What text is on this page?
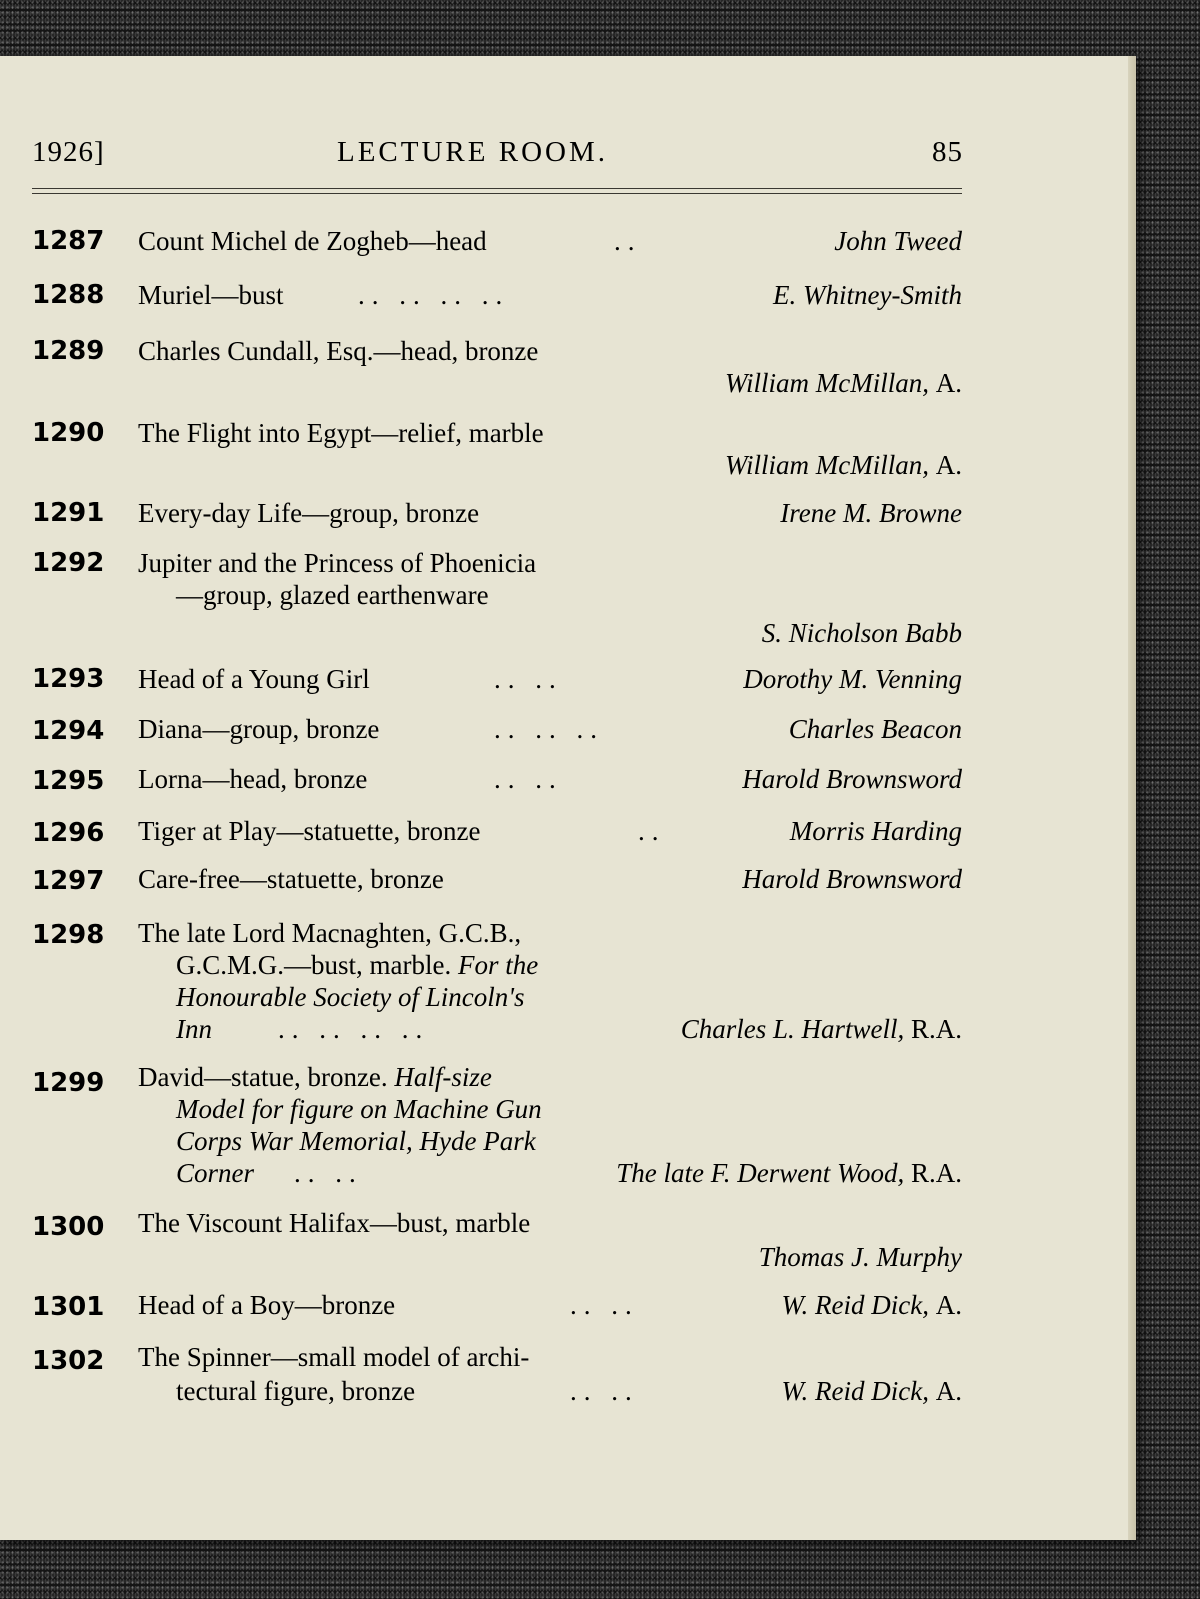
1926]	LECTURE ROOM.	85
1287 Count Michel de Zogheb—head	..	John Tweed
1288 Muriel—bust	.. .. .. ..	E. Whitney-Smith
1289 Charles Cundall, Esq.—head, bronze
William McMillan, A.
1290 The Flight into Egypt—relief, marble
William McMillan, A.
1291 Every-day Life—group, bronze	Irene M. Browne
1292 Jupiter and the Princess of Phoenicia
—group, glazed earthenware
S. Nicholson Babb
1293 Head of a Young Girl	.. ..	Dorothy M. Venning
1294 Diana—group, bronze	.. .. ..	Charles Beacon
1295 Lorna—head, bronze	.. ..	Harold Brownsword
1296 Tiger at Play—statuette, bronze	..	Morris Harding
1297 Care-free—statuette, bronze	Harold Brownsword
1298 The late Lord Macnaghten, G.C.B.,
G.C.M.G.—bust, marble. For the
Honourable Society of Lincoln's
Inn .. .. .. ..	Charles L. Hartwell, R.A.
1299 David—statue, bronze. Half-size
Model for figure on Machine Gun
Corps War Memorial, Hyde Park
Corner .. ..	The late F. Derwent Wood, R.A.
1300 The Viscount Halifax—bust, marble
Thomas J. Murphy
1301 Head of a Boy—bronze	.. ..	W. Reid Dick, A.
1302 The Spinner—small model of archi-
tectural figure, bronze	.. ..	W. Reid Dick, A.
